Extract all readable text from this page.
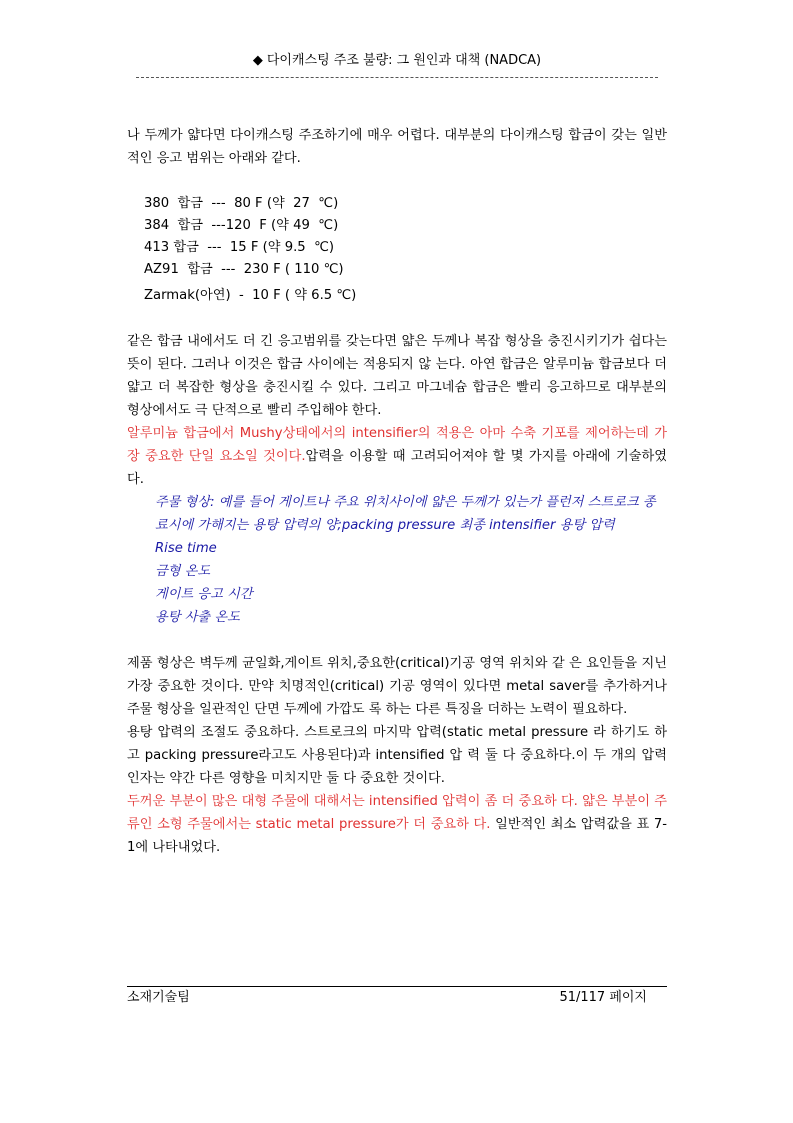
◆ 다이캐스팅 주조 불량: 그 원인과 대책 (NADCA)

나 두께가 얇다면 다이캐스팅 주조하기에 매우 어렵다. 대부분의 다이캐스팅 합금이 갖는 일반적인 응고 범위는 아래와 같다.

380  합금  ---  80 F (약  27  ℃)
384  합금  ---120  F (약 49  ℃)
413 합금  ---  15 F (약 9.5  ℃)
AZ91  합금  ---  230 F ( 110 ℃)
Zarmak(아연)  -  10 F ( 약 6.5 ℃)

같은 합금 내에서도 더 긴 응고범위를 갖는다면 얇은 두께나 복잡 형상을 충진시키기가 쉽다는 뜻이 된다. 그러나 이것은 합금 사이에는 적용되지 않 는다. 아연 합금은 알루미늄 합금보다 더 얇고 더 복잡한 형상을 충진시킬 수 있다. 그리고 마그네슘 합금은 빨리 응고하므로 대부분의 형상에서도 극 단적으로 빨리 주입해야 한다.

알루미늄 합금에서 Mushy상태에서의 intensifier의 적용은 아마 수축 기포를 제어하는데 가장 중요한 단일 요소일 것이다.압력을 이용할 때 고려되어져야 할 몇 가지를 아래에 기술하였다.

주물 형상: 예를 들어 게이트나 주요 위치사이에 얇은 두께가 있는가 플런저 스트로크 종료시에 가해지는 용탕 압력의 양;packing pressure 최종 intensifier 용탕 압력
Rise time
금형 온도
게이트 응고 시간
용탕 사출 온도

제품 형상은 벽두께 균일화,게이트 위치,중요한(critical)기공 영역 위치와 같 은 요인들을 지닌 가장 중요한 것이다. 만약 치명적인(critical) 기공 영역이 있다면 metal saver를 추가하거나 주물 형상을 일관적인 단면 두께에 가깝도 록 하는 다른 특징을 더하는 노력이 필요하다.

용탕 압력의 조절도 중요하다. 스트로크의 마지막 압력(static metal pressure 라 하기도 하고 packing pressure라고도 사용된다)과 intensified 압 력 둘 다 중요하다.이 두 개의 압력 인자는 약간 다른 영향을 미치지만 둘 다 중요한 것이다.

두꺼운 부분이 많은 대형 주물에 대해서는 intensified 압력이 좀 더 중요하 다. 얇은 부분이 주류인 소형 주물에서는 static metal pressure가 더 중요하 다. 일반적인 최소 압력값을 표 7-1에 나타내었다.

소재기술팀	51/117 페이지
